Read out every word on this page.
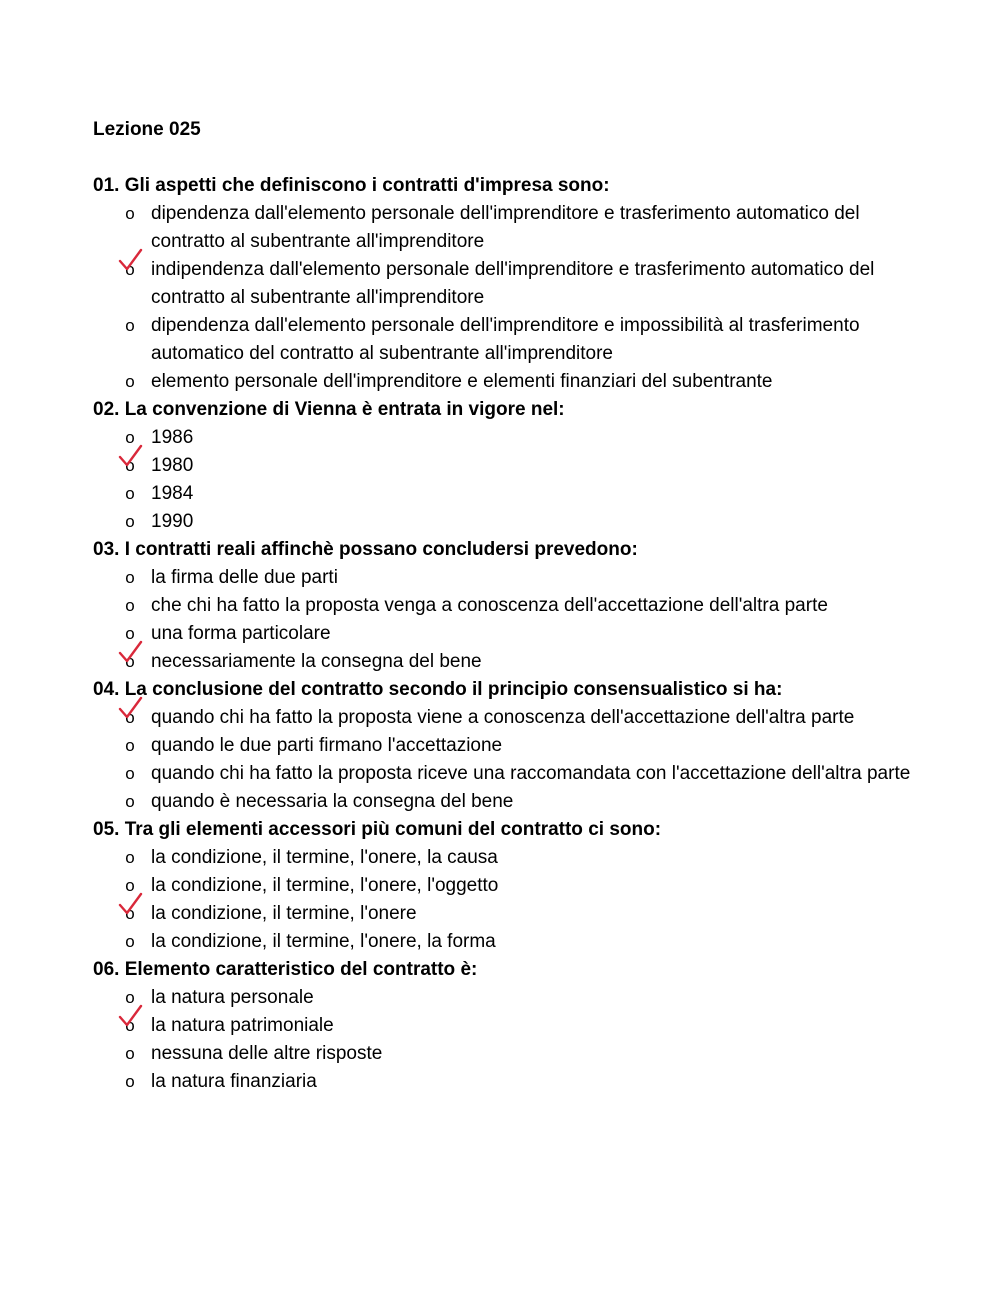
Lezione 025
01. Gli aspetti che definiscono i contratti d'impresa sono:
o dipendenza dall'elemento personale dell'imprenditore e trasferimento automatico del contratto al subentrante all'imprenditore
o indipendenza dall'elemento personale dell'imprenditore e trasferimento automatico del contratto al subentrante all'imprenditore
o dipendenza dall'elemento personale dell'imprenditore e impossibilità al trasferimento automatico del contratto al subentrante all'imprenditore
o elemento personale dell'imprenditore e elementi finanziari del subentrante
02. La convenzione di Vienna è entrata in vigore nel:
o 1986
o 1980
o 1984
o 1990
03. I contratti reali affinchè possano concludersi prevedono:
o la firma delle due parti
o che chi ha fatto la proposta venga a conoscenza dell'accettazione dell'altra parte
o una forma particolare
o necessariamente la consegna del bene
04. La conclusione del contratto secondo il principio consensualistico si ha:
o quando chi ha fatto la proposta viene a conoscenza dell'accettazione dell'altra parte
o quando le due parti firmano l'accettazione
o quando chi ha fatto la proposta riceve una raccomandata con l'accettazione dell'altra parte
o quando è necessaria la consegna del bene
05. Tra gli elementi accessori più comuni del contratto ci sono:
o la condizione, il termine, l'onere, la causa
o la condizione, il termine, l'onere, l'oggetto
o la condizione, il termine, l'onere
o la condizione, il termine, l'onere, la forma
06. Elemento caratteristico del contratto è:
o la natura personale
o la natura patrimoniale
o nessuna delle altre risposte
o la natura finanziaria
